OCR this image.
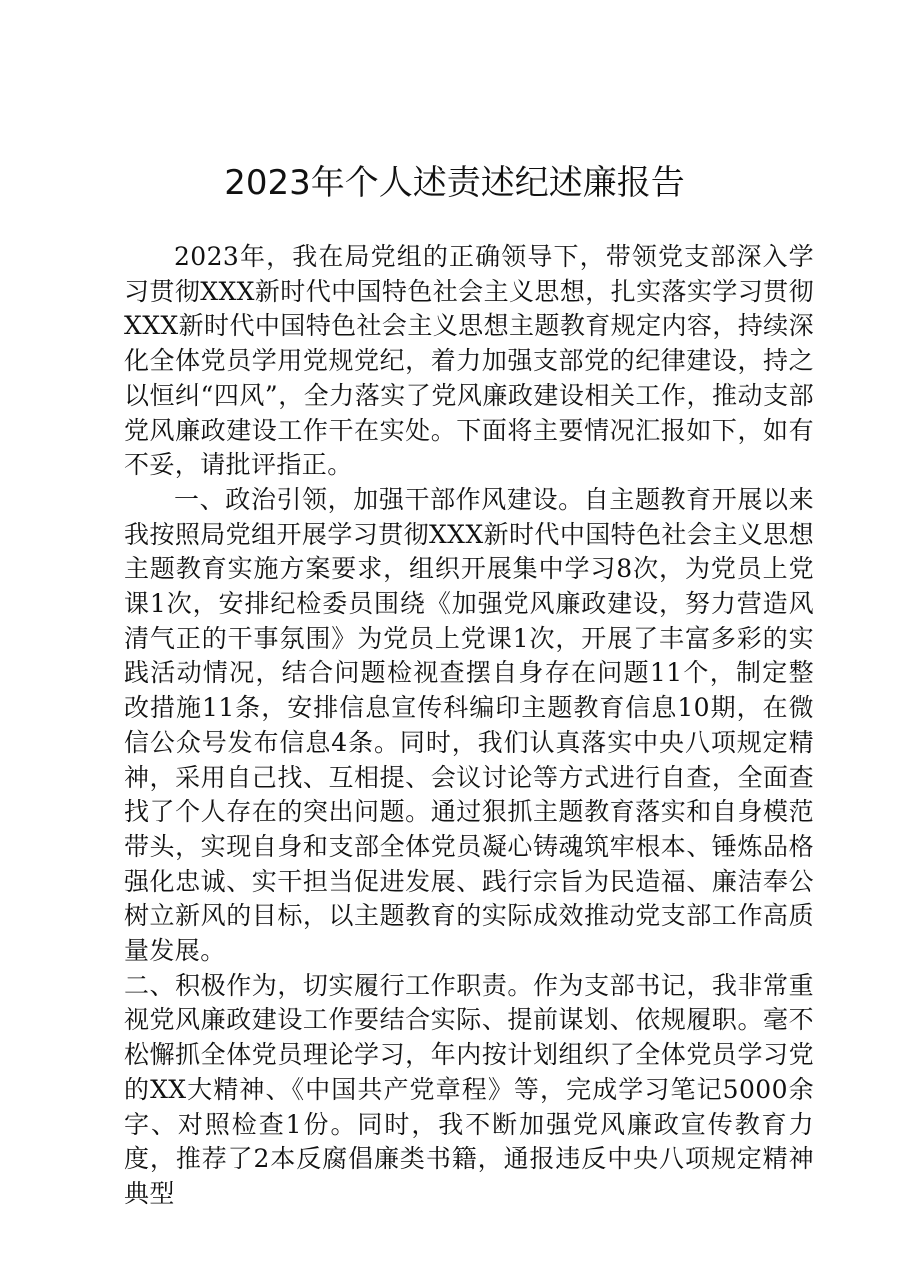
2023年个人述责述纪述廉报告

2023年，我在局党组的正确领导下，带领党支部深入学习贯彻XXX新时代中国特色社会主义思想，扎实落实学习贯彻XXX新时代中国特色社会主义思想主题教育规定内容，持续深化全体党员学用党规党纪，着力加强支部党的纪律建设，持之以恒纠“四风”，全力落实了党风廉政建设相关工作，推动支部党风廉政建设工作干在实处。下面将主要情况汇报如下，如有不妥，请批评指正。

一、政治引领，加强干部作风建设。自主题教育开展以来我按照局党组开展学习贯彻XXX新时代中国特色社会主义思想主题教育实施方案要求，组织开展集中学习8次，为党员上党课1次，安排纪检委员围绕《加强党风廉政建设，努力营造风清气正的干事氛围》为党员上党课1次，开展了丰富多彩的实践活动情况，结合问题检视查摆自身存在问题11个，制定整改措施11条，安排信息宣传科编印主题教育信息10期，在微信公众号发布信息4条。同时，我们认真落实中央八项规定精神，采用自己找、互相提、会议讨论等方式进行自查，全面查找了个人存在的突出问题。通过狠抓主题教育落实和自身模范带头，实现自身和支部全体党员凝心铸魂筑牢根本、锤炼品格强化忠诚、实干担当促进发展、践行宗旨为民造福、廉洁奉公树立新风的目标，以主题教育的实际成效推动党支部工作高质量发展。

二、积极作为，切实履行工作职责。作为支部书记，我非常重视党风廉政建设工作要结合实际、提前谋划、依规履职。毫不松懈抓全体党员理论学习，年内按计划组织了全体党员学习党的XX大精神、《中国共产党章程》等，完成学习笔记5000余字、对照检查1份。同时，我不断加强党风廉政宣传教育力度，推荐了2本反腐倡廉类书籍，通报违反中央八项规定精神典型
